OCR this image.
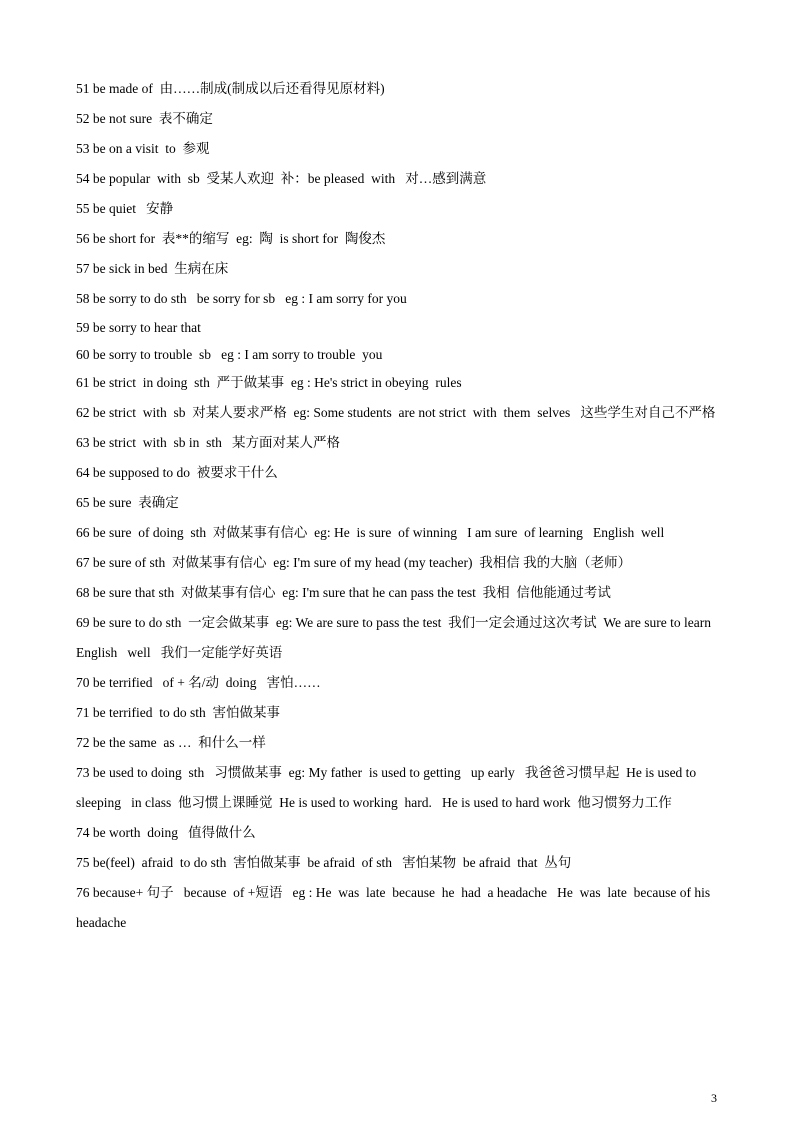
51 be made of  由……制成(制成以后还看得见原材料)
52 be not sure  表不确定
53 be on a visit  to  参观
54 be popular  with  sb  受某人欢迎  补：be pleased  with   对…感到满意
55 be quiet   安静
56 be short for  表**的缩写  eg:  陶  is short for  陶俊杰
57 be sick in bed  生病在床
58 be sorry to do sth   be sorry for sb   eg : I am sorry for you
59 be sorry to hear that
60 be sorry to trouble  sb   eg : I am sorry to trouble  you
61 be strict  in doing  sth  严于做某事  eg : He's strict in obeying  rules
62 be strict  with  sb  对某人要求严格  eg: Some students  are not strict  with  them  selves   这些学生对自己不严格
63 be strict  with  sb in  sth   某方面对某人严格
64 be supposed to do  被要求干什么
65 be sure  表确定
66 be sure  of doing  sth  对做某事有信心  eg: He  is sure  of winning   I am sure  of learning   English  well
67 be sure of sth  对做某事有信心  eg: I'm sure of my head (my teacher)  我相信 我的大脑（老师）
68 be sure that sth  对做某事有信心  eg: I'm sure that he can pass the test  我相  信他能通过考试
69 be sure to do sth  一定会做某事  eg: We are sure to pass the test  我们一定会通过这次考试  We are sure to learn  English   well   我们一定能学好英语
70 be terrified   of + 名/动  doing   害怕……
71 be terrified  to do sth  害怕做某事
72 be the same  as …  和什么一样
73 be used to doing  sth   习惯做某事  eg: My father  is used to getting   up early   我爸爸习惯早起  He is used to sleeping   in class  他习惯上课睡觉  He is used to working  hard.   He is used to hard work  他习惯努力工作
74 be worth  doing   值得做什么
75 be(feel)  afraid  to do sth  害怕做某事  be afraid  of sth   害怕某物  be afraid  that  丛句
76 because+ 句子   because  of +短语   eg : He  was  late  because  he  had  a headache   He  was  late  because of his headache
3
